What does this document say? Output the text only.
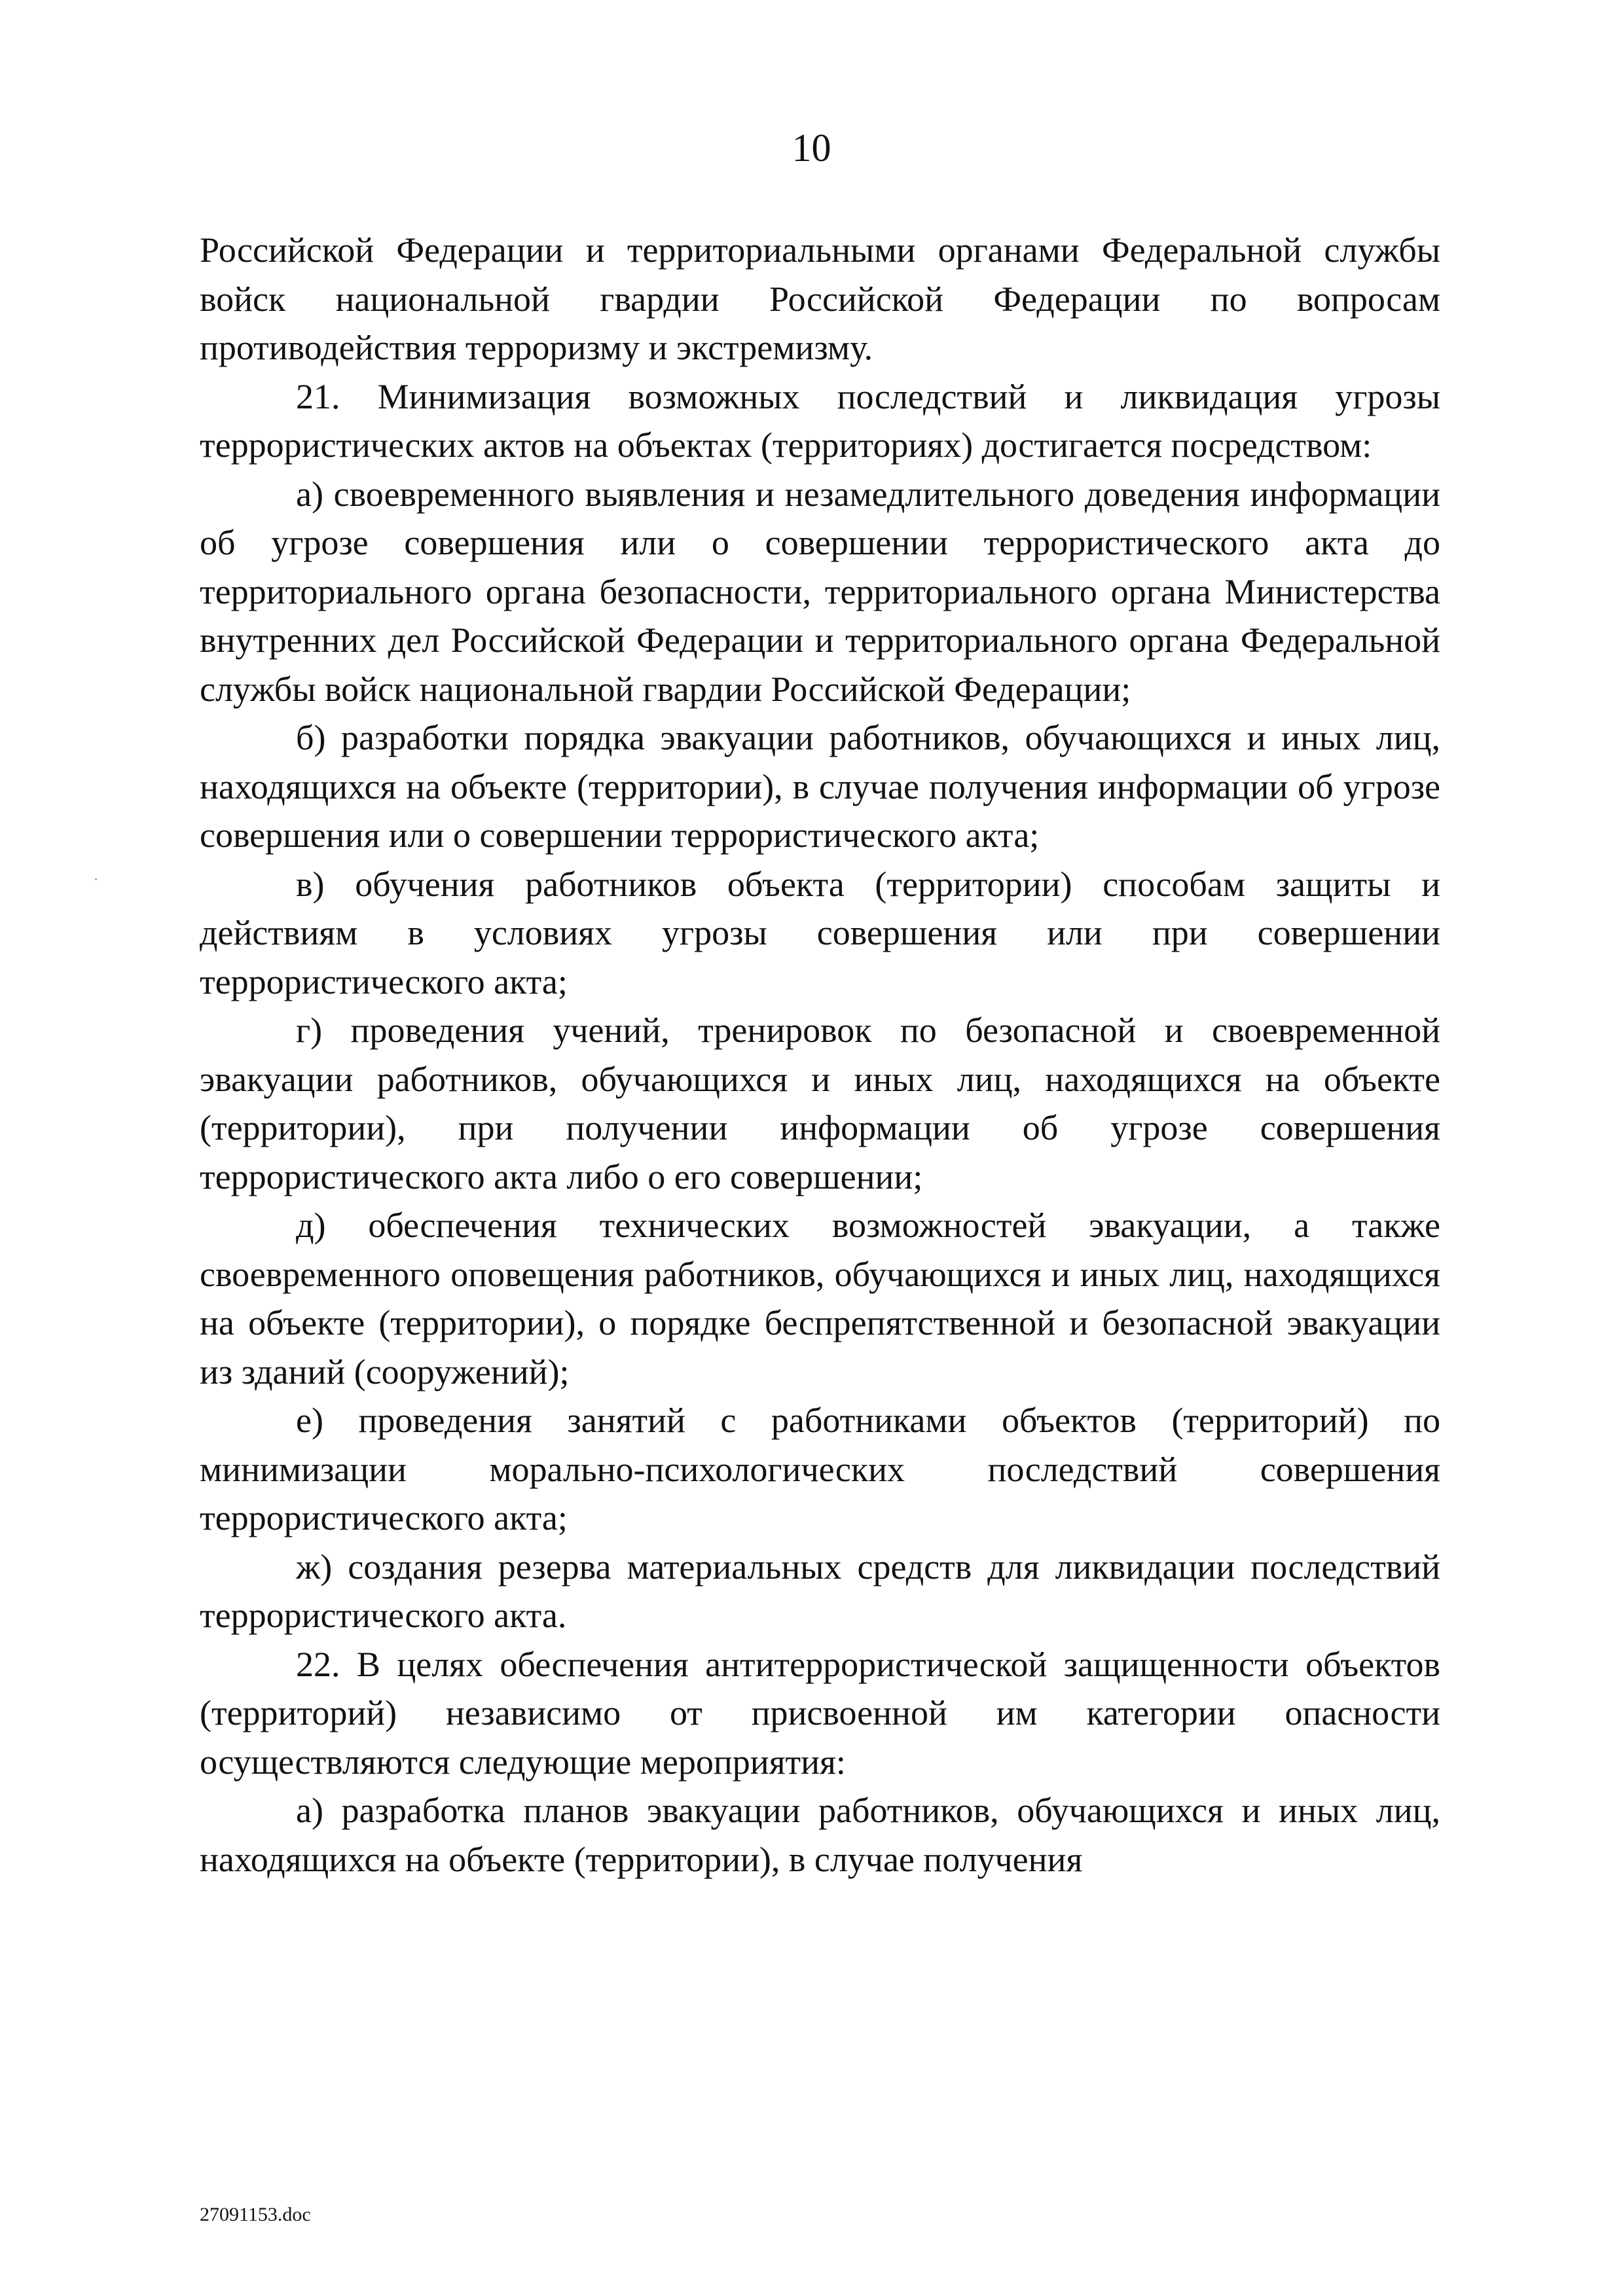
10

Российской Федерации и территориальными органами Федеральной службы войск национальной гвардии Российской Федерации по вопросам противодействия терроризму и экстремизму.

21. Минимизация возможных последствий и ликвидация угрозы террористических актов на объектах (территориях) достигается посредством:

а) своевременного выявления и незамедлительного доведения информации об угрозе совершения или о совершении террористического акта до территориального органа безопасности, территориального органа Министерства внутренних дел Российской Федерации и территориального органа Федеральной службы войск национальной гвардии Российской Федерации;

б) разработки порядка эвакуации работников, обучающихся и иных лиц, находящихся на объекте (территории), в случае получения информации об угрозе совершения или о совершении террористического акта;

в) обучения работников объекта (территории) способам защиты и действиям в условиях угрозы совершения или при совершении террористического акта;

г) проведения учений, тренировок по безопасной и своевременной эвакуации работников, обучающихся и иных лиц, находящихся на объекте (территории), при получении информации об угрозе совершения террористического акта либо о его совершении;

д) обеспечения технических возможностей эвакуации, а также своевременного оповещения работников, обучающихся и иных лиц, находящихся на объекте (территории), о порядке беспрепятственной и безопасной эвакуации из зданий (сооружений);

е) проведения занятий с работниками объектов (территорий) по минимизации морально-психологических последствий совершения террористического акта;

ж) создания резерва материальных средств для ликвидации последствий террористического акта.

22. В целях обеспечения антитеррористической защищенности объектов (территорий) независимо от присвоенной им категории опасности осуществляются следующие мероприятия:

а) разработка планов эвакуации работников, обучающихся и иных лиц, находящихся на объекте (территории), в случае получения

27091153.doc
